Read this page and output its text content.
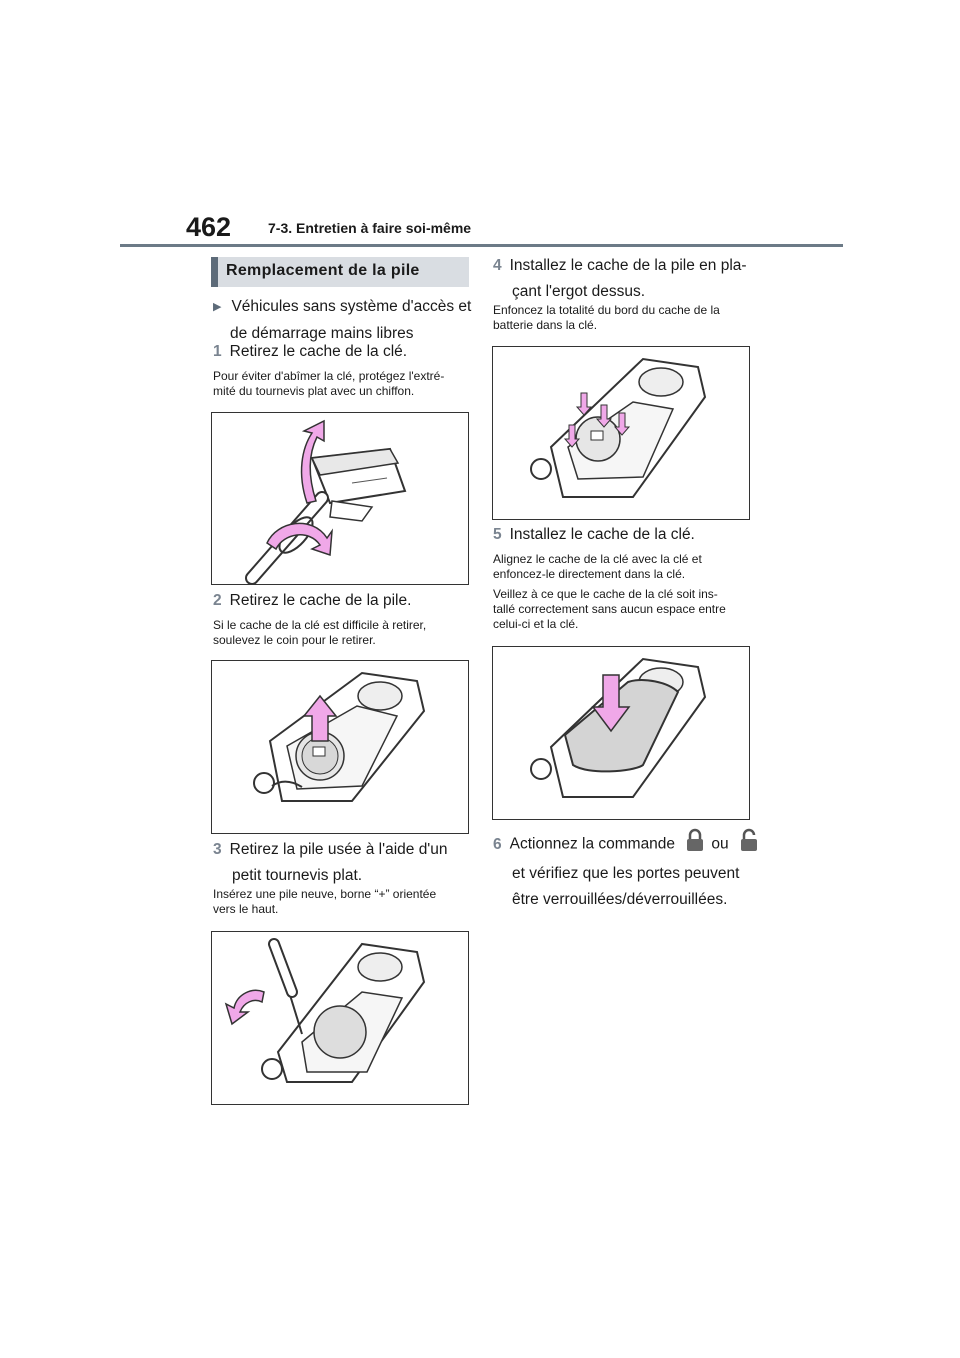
462	7-3. Entretien à faire soi-même
Remplacement de la pile
▶ Véhicules sans système d'accès et
de démarrage mains libres
1 Retirez le cache de la clé.
Pour éviter d'abîmer la clé, protégez l'extré-
mité du tournevis plat avec un chiffon.
2 Retirez le cache de la pile.
Si le cache de la clé est difficile à retirer,
soulevez le coin pour le retirer.
3 Retirez la pile usée à l'aide d'un
petit tournevis plat.
Insérez une pile neuve, borne “+” orientée
vers le haut.
4 Installez le cache de la pile en pla-
çant l'ergot dessus.
Enfoncez la totalité du bord du cache de la
batterie dans la clé.
5 Installez le cache de la clé.
Alignez le cache de la clé avec la clé et
enfoncez-le directement dans la clé.
Veillez à ce que le cache de la clé soit ins-
tallé correctement sans aucun espace entre
celui-ci et la clé.
6 Actionnez la commande ou
et vérifiez que les portes peuvent
être verrouillées/déverrouillées.
